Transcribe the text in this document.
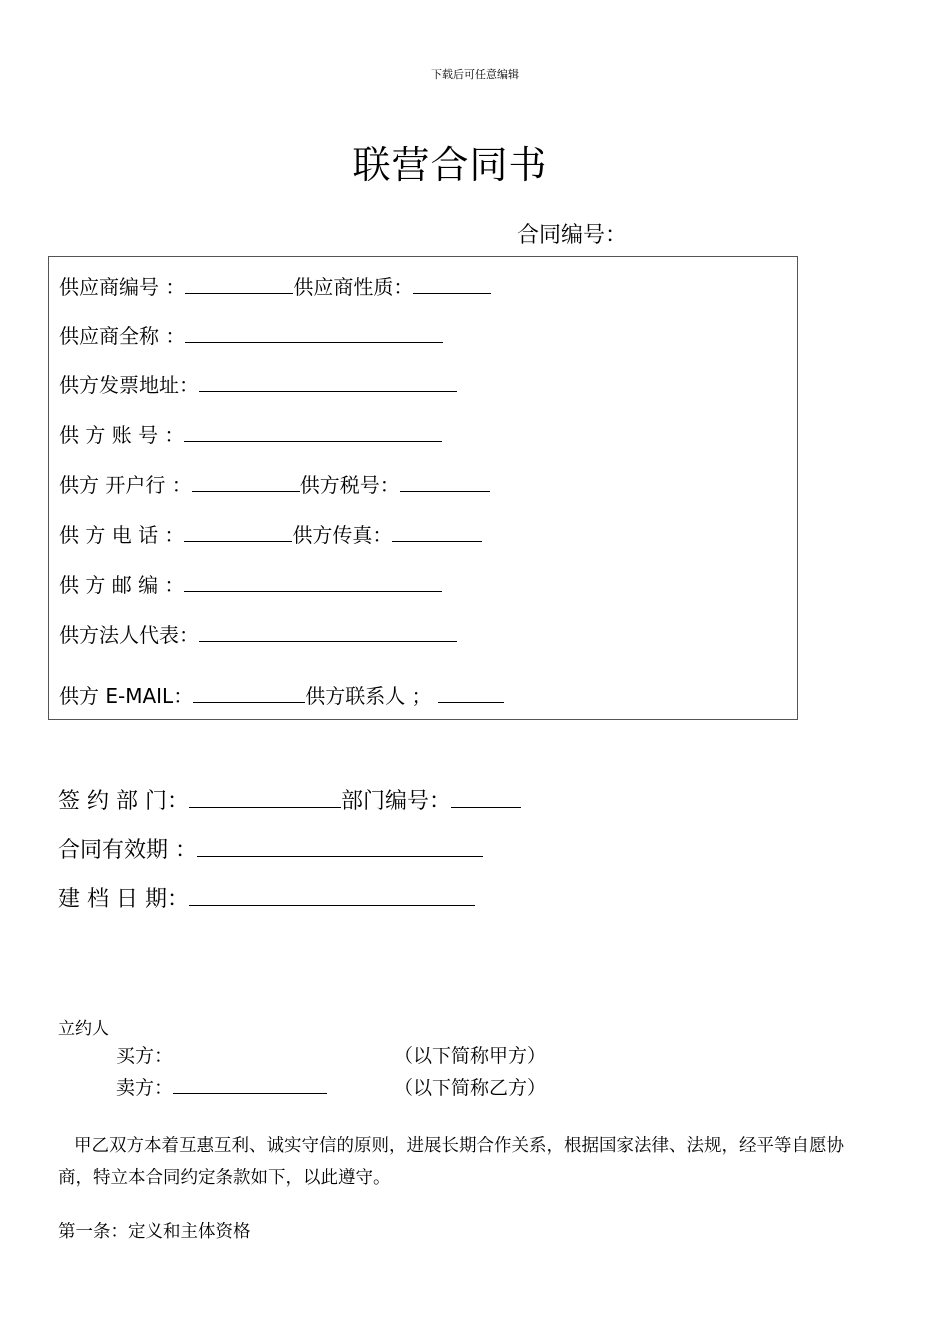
下载后可任意编辑
联营合同书
合同编号：
供应商编号 ：	供应商性质：
供应商全称 ：
供方发票地址：
供 方 账 号 ：
供方 开户行 ：	供方税号：
供 方 电 话 ：	供方传真：
供 方 邮 编 ：
供方法人代表：
供方 E-MAIL：	供方联系人 ；
签 约 部 门：	部门编号：
合同有效期 ：
建 档 日 期：
立约人
买方：	（以下简称甲方）
卖方：	（以下简称乙方）
甲乙双方本着互惠互利、诚实守信的原则，进展长期合作关系，根据国家法律、法规，经平等自愿协商，特立本合同约定条款如下，以此遵守。
第一条：定义和主体资格
